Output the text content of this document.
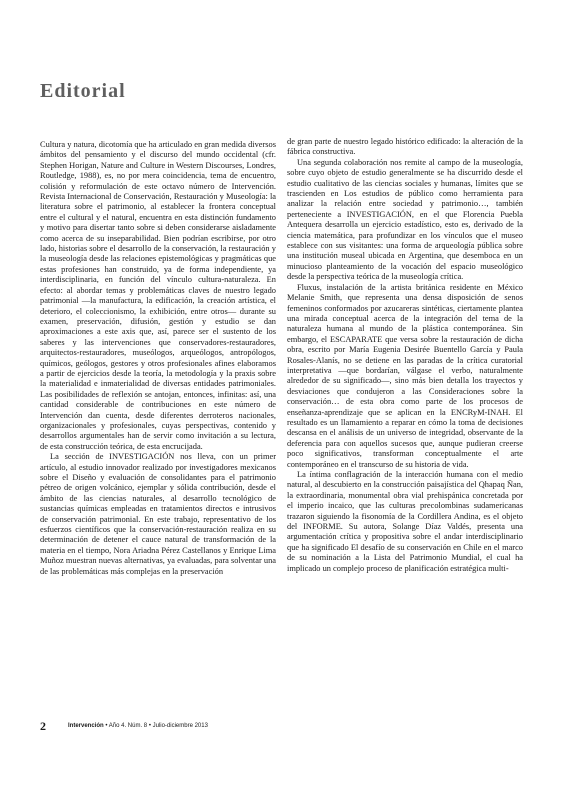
Editorial

Cultura y natura, dicotomía que ha articulado en gran medida diversos ámbitos del pensamiento y el discurso del mundo occidental (cfr. Stephen Horigan, Nature and Culture in Western Discourses, Londres, Routledge, 1988), es, no por mera coincidencia, tema de encuentro, colisión y reformulación de este octavo número de Intervención. Revista Internacional de Conservación, Restauración y Museología: la literatura sobre el patrimonio, al establecer la frontera conceptual entre el cultural y el natural, encuentra en esta distinción fundamento y motivo para disertar tanto sobre si deben considerarse aisladamente como acerca de su inseparabilidad. Bien podrían escribirse, por otro lado, historias sobre el desarrollo de la conservación, la restauración y la museología desde las relaciones epistemológicas y pragmáticas que estas profesiones han construido, ya de forma independiente, ya interdisciplinaria, en función del vínculo cultura-naturaleza. En efecto: al abordar temas y problemáticas claves de nuestro legado patrimonial —la manufactura, la edificación, la creación artística, el deterioro, el coleccionismo, la exhibición, entre otros— durante su examen, preservación, difusión, gestión y estudio se dan aproximaciones a este axis que, así, parece ser el sustento de los saberes y las intervenciones que conservadores-restauradores, arquitectos-restauradores, museólogos, arqueólogos, antropólogos, químicos, geólogos, gestores y otros profesionales afines elaboramos a partir de ejercicios desde la teoría, la metodología y la praxis sobre la materialidad e inmaterialidad de diversas entidades patrimoniales. Las posibilidades de reflexión se antojan, entonces, infinitas: así, una cantidad considerable de contribuciones en este número de Intervención dan cuenta, desde diferentes derroteros nacionales, organizacionales y profesionales, cuyas perspectivas, contenido y desarrollos argumentales han de servir como invitación a su lectura, de esta construcción teórica, de esta encrucijada.

La sección de INVESTIGACIÓN nos lleva, con un primer artículo, al estudio innovador realizado por investigadores mexicanos sobre el Diseño y evaluación de consolidantes para el patrimonio pétreo de origen volcánico, ejemplar y sólida contribución, desde el ámbito de las ciencias naturales, al desarrollo tecnológico de sustancias químicas empleadas en tratamientos directos e intrusivos de conservación patrimonial. En este trabajo, representativo de los esfuerzos científicos que la conservación-restauración realiza en su determinación de detener el cauce natural de transformación de la materia en el tiempo, Nora Ariadna Pérez Castellanos y Enrique Lima Muñoz muestran nuevas alternativas, ya evaluadas, para solventar una de las problemáticas más complejas en la preservación

de gran parte de nuestro legado histórico edificado: la alteración de la fábrica constructiva.

Una segunda colaboración nos remite al campo de la museología, sobre cuyo objeto de estudio generalmente se ha discurrido desde el estudio cualitativo de las ciencias sociales y humanas, límites que se trascienden en Los estudios de público como herramienta para analizar la relación entre sociedad y patrimonio…, también perteneciente a INVESTIGACIÓN, en el que Florencia Puebla Antequera desarrolla un ejercicio estadístico, esto es, derivado de la ciencia matemática, para profundizar en los vínculos que el museo establece con sus visitantes: una forma de arqueología pública sobre una institución museal ubicada en Argentina, que desemboca en un minucioso planteamiento de la vocación del espacio museológico desde la perspectiva teórica de la museología crítica.

Fluxus, instalación de la artista británica residente en México Melanie Smith, que representa una densa disposición de senos femeninos conformados por azucareras sintéticas, ciertamente plantea una mirada conceptual acerca de la integración del tema de la naturaleza humana al mundo de la plástica contemporánea. Sin embargo, el ESCAPARATE que versa sobre la restauración de dicha obra, escrito por María Eugenia Desirée Buentello García y Paula Rosales-Alanís, no se detiene en las paradas de la crítica curatorial interpretativa —que bordarían, válgase el verbo, naturalmente alrededor de su significado—, sino más bien detalla los trayectos y desviaciones que condujeron a las Consideraciones sobre la conservación… de esta obra como parte de los procesos de enseñanza-aprendizaje que se aplican en la ENCRyM-INAH. El resultado es un llamamiento a reparar en cómo la toma de decisiones descansa en el análisis de un universo de integridad, observante de la deferencia para con aquellos sucesos que, aunque pudieran creerse poco significativos, transforman conceptualmente el arte contemporáneo en el transcurso de su historia de vida.

La íntima conflagración de la interacción humana con el medio natural, al descubierto en la construcción paisajística del Qhapaq Ñan, la extraordinaria, monumental obra vial prehispánica concretada por el imperio incaico, que las culturas precolombinas sudamericanas trazaron siguiendo la fisonomía de la Cordillera Andina, es el objeto del INFORME. Su autora, Solange Díaz Valdés, presenta una argumentación crítica y propositiva sobre el andar interdisciplinario que ha significado El desafío de su conservación en Chile en el marco de su nominación a la Lista del Patrimonio Mundial, el cual ha implicado un complejo proceso de planificación estratégica multi-

2	Intervención • Año 4. Núm. 8 • Julio-diciembre 2013
